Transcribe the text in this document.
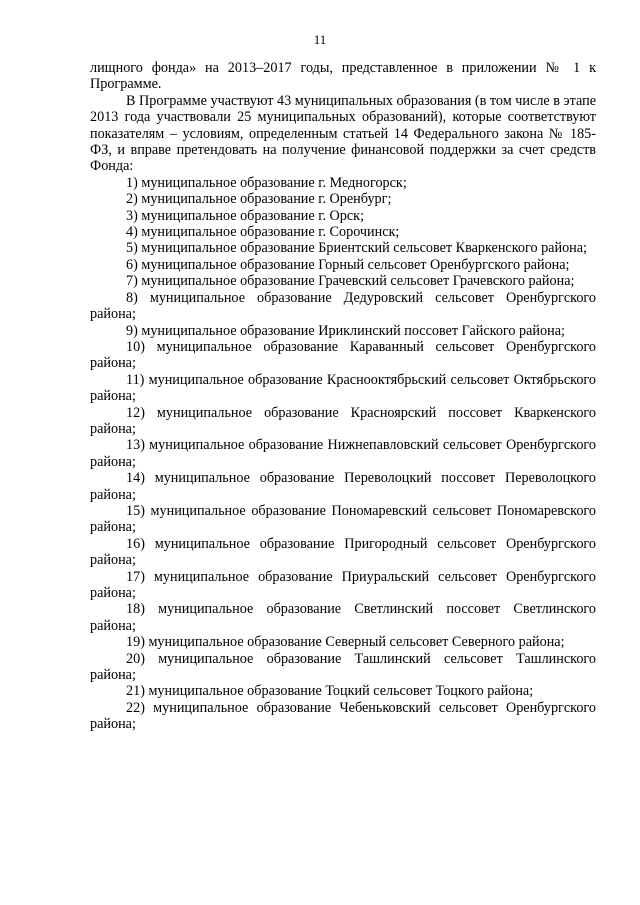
11

лищного фонда» на 2013–2017 годы, представленное в приложении № 1 к Программе.

В Программе участвуют 43 муниципальных образования (в том числе в этапе 2013 года участвовали 25 муниципальных образований), которые соответствуют показателям – условиям, определенным статьей 14 Федерального закона № 185-ФЗ, и вправе претендовать на получение финансовой поддержки за счет средств Фонда:

1) муниципальное образование г. Медногорск;

2) муниципальное образование г. Оренбург;

3) муниципальное образование г. Орск;

4) муниципальное образование г. Сорочинск;

5) муниципальное образование Бриентский сельсовет Кваркенского района;

6) муниципальное образование Горный сельсовет Оренбургского района;

7) муниципальное образование Грачевский сельсовет Грачевского района;

8) муниципальное образование Дедуровский сельсовет Оренбургского района;

9) муниципальное образование Ириклинский поссовет Гайского района;

10) муниципальное образование Караванный сельсовет Оренбургского района;

11) муниципальное образование Краснооктябрьский сельсовет Октябрьского района;

12) муниципальное образование Красноярский поссовет Кваркенского района;

13) муниципальное образование Нижнепавловский сельсовет Оренбургского района;

14) муниципальное образование Переволоцкий поссовет Переволоцкого района;

15) муниципальное образование Пономаревский сельсовет Пономаревского района;

16) муниципальное образование Пригородный сельсовет Оренбургского района;

17) муниципальное образование Приуральский сельсовет Оренбургского района;

18) муниципальное образование Светлинский поссовет Светлинского района;

19) муниципальное образование Северный сельсовет Северного района;

20) муниципальное образование Ташлинский сельсовет Ташлинского района;

21) муниципальное образование Тоцкий сельсовет Тоцкого района;

22) муниципальное образование Чебеньковский сельсовет Оренбургского района;
